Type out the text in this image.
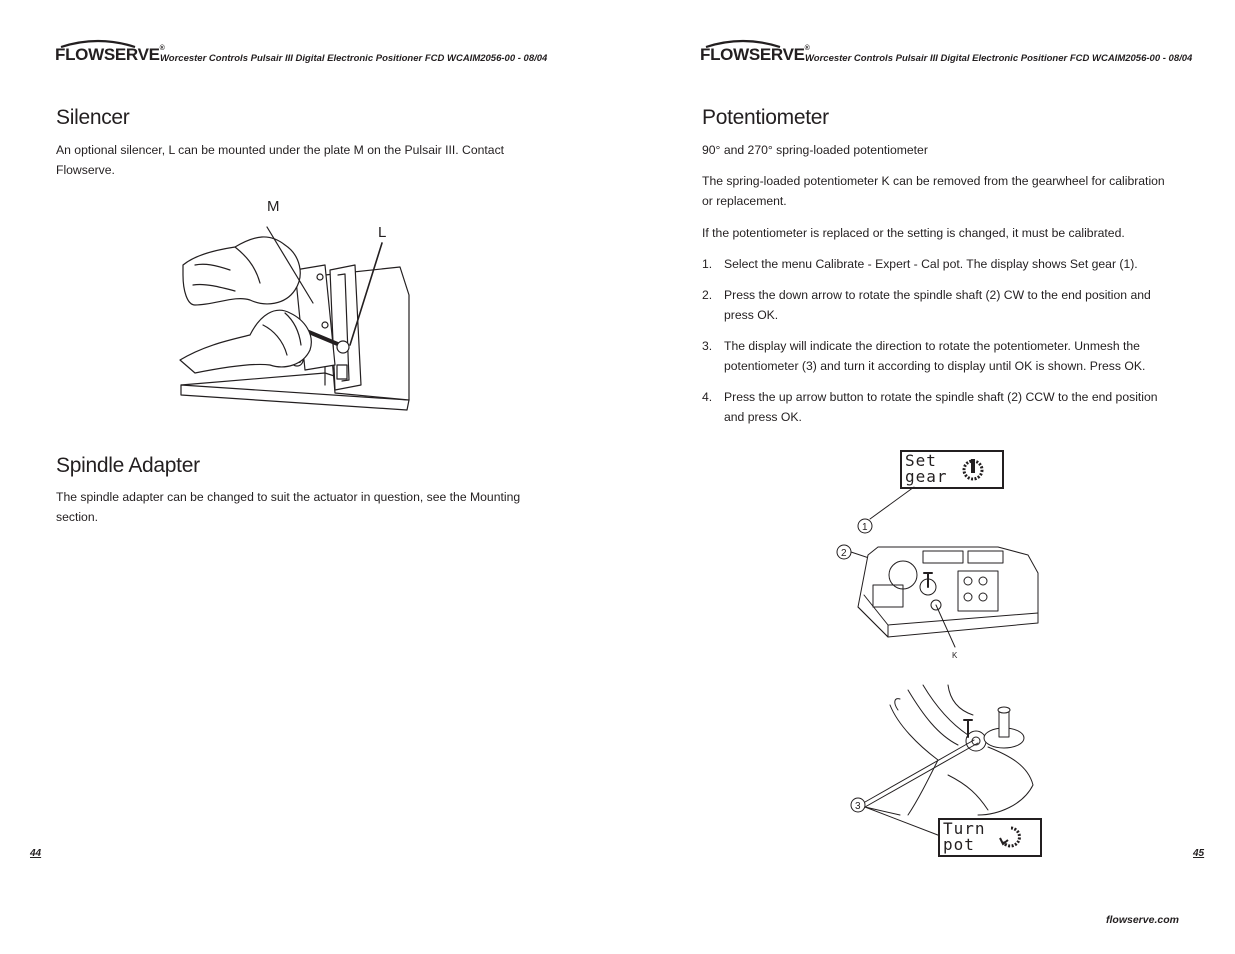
FLOWSERVE®
Worcester Controls Pulsair III Digital Electronic Positioner FCD WCAIM2056-00 - 08/04
Silencer

An optional silencer, L can be mounted under the plate M on the Pulsair III. Contact Flowserve.

M
L
Spindle Adapter

The spindle adapter can be changed to suit the actuator in question, see the Mounting section.

44
FLOWSERVE®
Worcester Controls Pulsair III Digital Electronic Positioner FCD WCAIM2056-00 - 08/04
Potentiometer

90° and 270° spring-loaded potentiometer

The spring-loaded potentiometer K can be removed from the gearwheel for calibration or replacement.

If the potentiometer is replaced or the setting is changed, it must be calibrated.

1. Select the menu Calibrate - Expert - Cal pot. The display shows Set gear (1).
2. Press the down arrow to rotate the spindle shaft (2) CW to the end position and press OK.
3. The display will indicate the direction to rotate the potentiometer. Unmesh the potentiometer (3) and turn it according to display until OK is shown. Press OK.
4. Press the up arrow button to rotate the spindle shaft (2) CCW to the end position and press OK.
Set
gear
1
2
3
K
Turn
pot	45
flowserve.com
